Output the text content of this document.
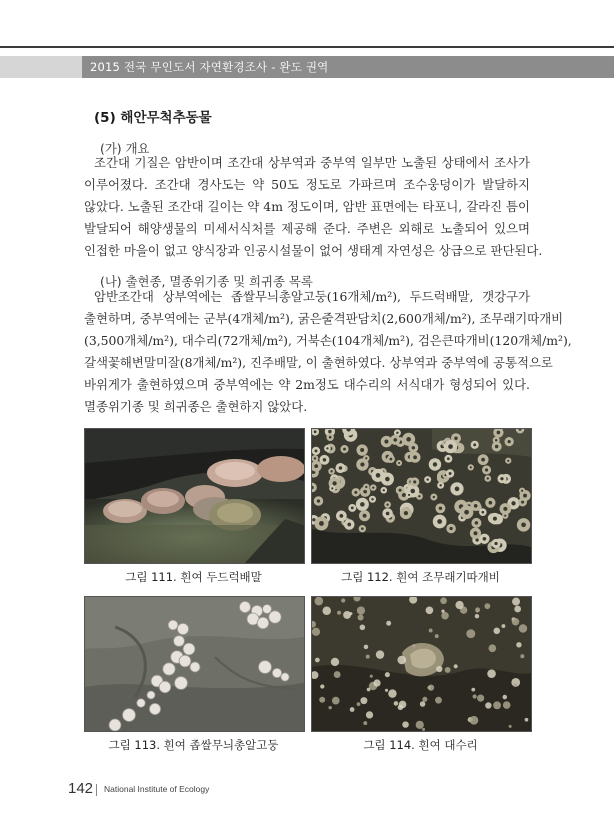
2015 전국 무인도서 자연환경조사 - 완도 권역
(5) 해안무척추동물
(가) 개요
조간대 기질은 암반이며 조간대 상부역과 중부역 일부만 노출된 상태에서 조사가
이루어졌다. 조간대 경사도는 약 50도 정도로 가파르며 조수웅덩이가 발달하지
않았다. 노출된 조간대 길이는 약 4m 정도이며, 암반 표면에는 타포니, 갈라진 틈이
발달되어 해양생물의 미세서식처를 제공해 준다. 주변은 외해로 노출되어 있으며
인접한 마을이 없고 양식장과 인공시설물이 없어 생태계 자연성은 상급으로 판단된다.
(나) 출현종, 멸종위기종 및 희귀종 목록
암반조간대 상부역에는 좁쌀무늬총알고둥(16개체/m²), 두드럭배말, 갯강구가
출현하며, 중부역에는 군부(4개체/m²), 굵은줄격판담치(2,600개체/m²), 조무래기따개비
(3,500개체/m²), 대수리(72개체/m²), 거북손(104개체/m²), 검은큰따개비(120개체/m²),
갈색꽃해변말미잘(8개체/m²), 진주배말, 이 출현하였다. 상부역과 중부역에 공통적으로
바위게가 출현하였으며 중부역에는 약 2m정도 대수리의 서식대가 형성되어 있다.
멸종위기종 및 희귀종은 출현하지 않았다.
그림 111. 흰여 두드럭배말	그림 112. 흰여 조무래기따개비
그림 113. 흰여 좁쌀무늬총알고둥	그림 114. 흰여 대수리
142 National Institute of Ecology
